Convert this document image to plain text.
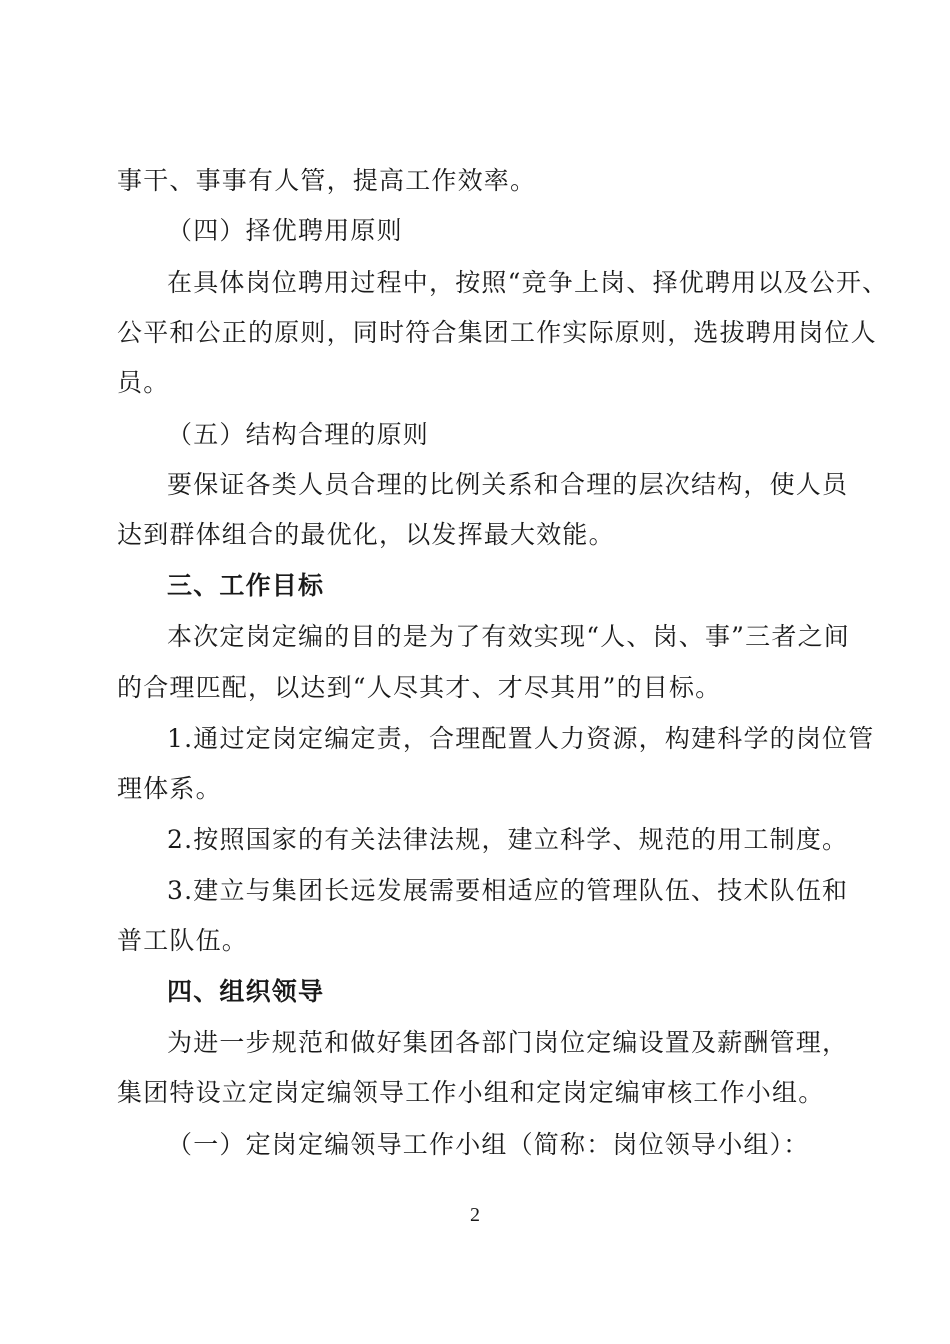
事干、事事有人管，提高工作效率。
（四）择优聘用原则
在具体岗位聘用过程中，按照“竞争上岗、择优聘用以及公开、
公平和公正的原则，同时符合集团工作实际原则，选拔聘用岗位人
员。
（五）结构合理的原则
要保证各类人员合理的比例关系和合理的层次结构，使人员
达到群体组合的最优化，以发挥最大效能。
三、工作目标
本次定岗定编的目的是为了有效实现“人、岗、事”三者之间
的合理匹配，以达到“人尽其才、才尽其用”的目标。
1.通过定岗定编定责，合理配置人力资源，构建科学的岗位管
理体系。
2.按照国家的有关法律法规，建立科学、规范的用工制度。
3.建立与集团长远发展需要相适应的管理队伍、技术队伍和
普工队伍。
四、组织领导
为进一步规范和做好集团各部门岗位定编设置及薪酬管理，
集团特设立定岗定编领导工作小组和定岗定编审核工作小组。
（一）定岗定编领导工作小组（简称：岗位领导小组）：
2
